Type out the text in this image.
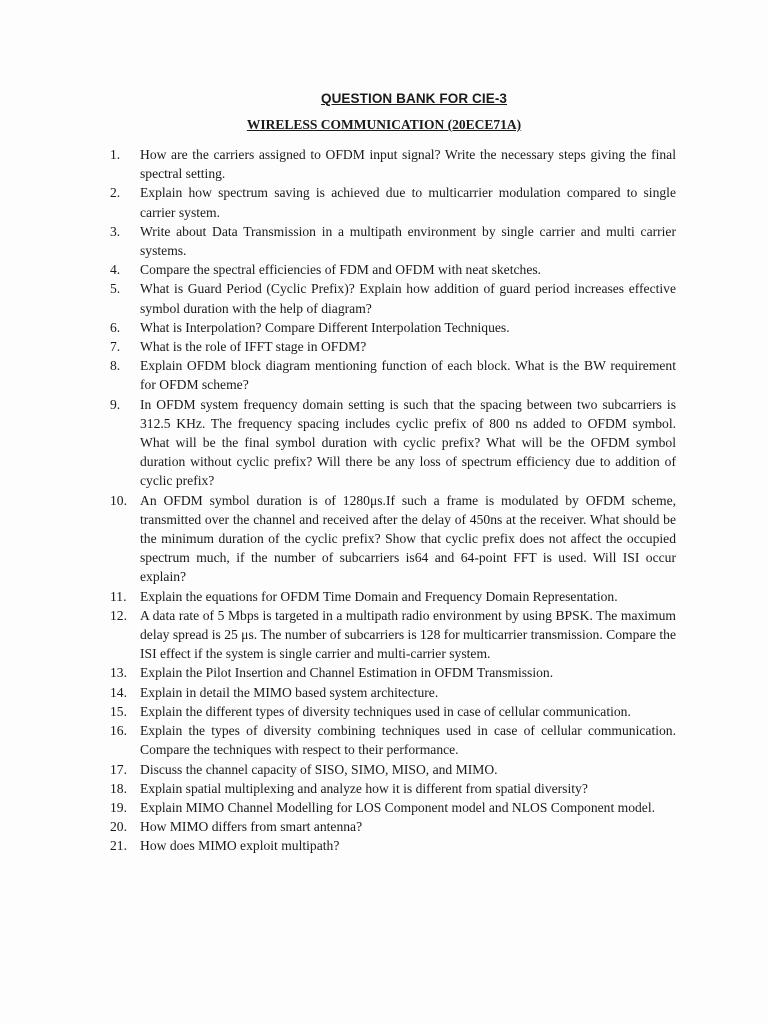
QUESTION BANK FOR CIE-3
WIRELESS COMMUNICATION (20ECE71A)
1.	How are the carriers assigned to OFDM input signal? Write the necessary steps giving the final spectral setting.
2.	Explain how spectrum saving is achieved due to multicarrier modulation compared to single carrier system.
3.	Write about Data Transmission in a multipath environment by single carrier and multi carrier systems.
4.	Compare the spectral efficiencies of FDM and OFDM with neat sketches.
5.	What is Guard Period (Cyclic Prefix)? Explain how addition of guard period increases effective symbol duration with the help of diagram?
6.	What is Interpolation? Compare Different Interpolation Techniques.
7.	What is the role of IFFT stage in OFDM?
8.	Explain OFDM block diagram mentioning function of each block. What is the BW requirement for OFDM scheme?
9.	In OFDM system frequency domain setting is such that the spacing between two subcarriers is 312.5 KHz. The frequency spacing includes cyclic prefix of 800 ns added to OFDM symbol. What will be the final symbol duration with cyclic prefix? What will be the OFDM symbol duration without cyclic prefix? Will there be any loss of spectrum efficiency due to addition of cyclic prefix?
10. An OFDM symbol duration is of 1280μs.If such a frame is modulated by OFDM scheme, transmitted over the channel and received after the delay of 450ns at the receiver. What should be the minimum duration of the cyclic prefix? Show that cyclic prefix does not affect the occupied spectrum much, if the number of subcarriers is64 and 64-point FFT is used. Will ISI occur explain?
11. Explain the equations for OFDM Time Domain and Frequency Domain Representation.
12. A data rate of 5 Mbps is targeted in a multipath radio environment by using BPSK. The maximum delay spread is 25 μs. The number of subcarriers is 128 for multicarrier transmission. Compare the ISI effect if the system is single carrier and multi-carrier system.
13. Explain the Pilot Insertion and Channel Estimation in OFDM Transmission.
14. Explain in detail the MIMO based system architecture.
15. Explain the different types of diversity techniques used in case of cellular communication.
16. Explain the types of diversity combining techniques used in case of cellular communication. Compare the techniques with respect to their performance.
17. Discuss the channel capacity of SISO, SIMO, MISO, and MIMO.
18. Explain spatial multiplexing and analyze how it is different from spatial diversity?
19. Explain MIMO Channel Modelling for LOS Component model and NLOS Component model.
20. How MIMO differs from smart antenna?
21. How does MIMO exploit multipath?
